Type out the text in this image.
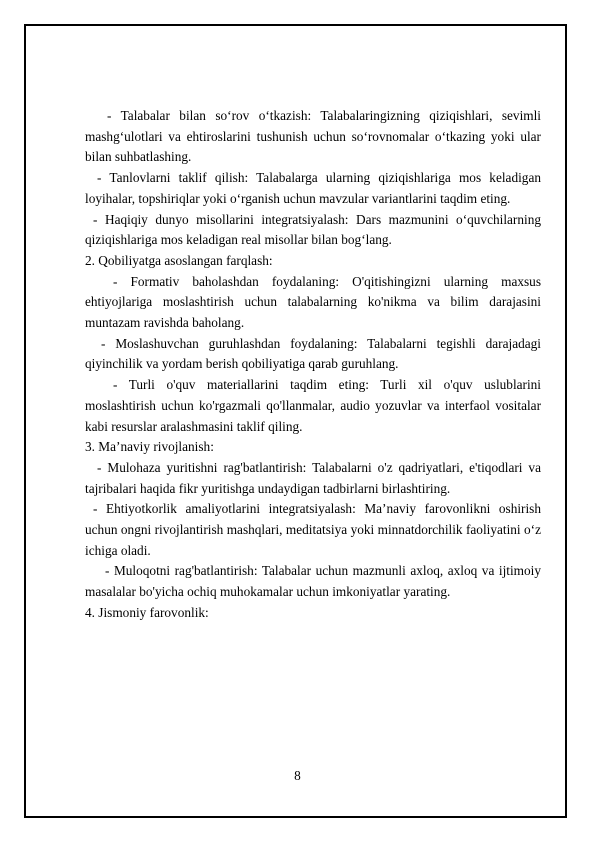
- Talabalar bilan so‘rov o‘tkazish: Talabalaringizning qiziqishlari, sevimli mashg‘ulotlari va ehtiroslarini tushunish uchun so‘rovnomalar o‘tkazing yoki ular bilan suhbatlashing.

- Tanlovlarni taklif qilish: Talabalarga ularning qiziqishlariga mos keladigan loyihalar, topshiriqlar yoki o‘rganish uchun mavzular variantlarini taqdim eting.

- Haqiqiy dunyo misollarini integratsiyalash: Dars mazmunini o‘quvchilarning qiziqishlariga mos keladigan real misollar bilan bog‘lang.

2. Qobiliyatga asoslangan farqlash:

- Formativ baholashdan foydalaning: O'qitishingizni ularning maxsus ehtiyojlariga moslashtirish uchun talabalarning ko'nikma va bilim darajasini muntazam ravishda baholang.

- Moslashuvchan guruhlashdan foydalaning: Talabalarni tegishli darajadagi qiyinchilik va yordam berish qobiliyatiga qarab guruhlang.

- Turli o'quv materiallarini taqdim eting: Turli xil o'quv uslublarini moslashtirish uchun ko'rgazmali qo'llanmalar, audio yozuvlar va interfaol vositalar kabi resurslar aralashmasini taklif qiling.

3. Ma’naviy rivojlanish:

- Mulohaza yuritishni rag'batlantirish: Talabalarni o'z qadriyatlari, e'tiqodlari va tajribalari haqida fikr yuritishga undaydigan tadbirlarni birlashtiring.

- Ehtiyotkorlik amaliyotlarini integratsiyalash: Ma’naviy farovonlikni oshirish uchun ongni rivojlantirish mashqlari, meditatsiya yoki minnatdorchilik faoliyatini o‘z ichiga oladi.

- Muloqotni rag'batlantirish: Talabalar uchun mazmunli axloq, axloq va ijtimoiy masalalar bo'yicha ochiq muhokamalar uchun imkoniyatlar yarating.

4. Jismoniy farovonlik:

8
